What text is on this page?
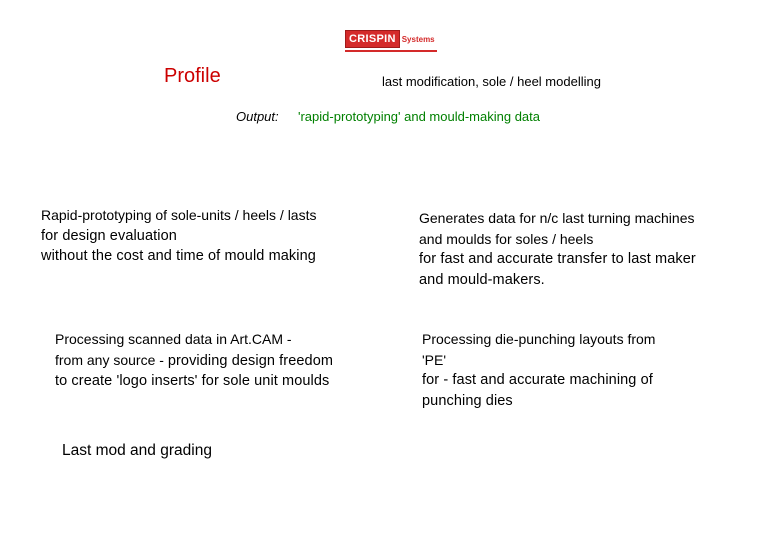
CRISPIN Systems
Profile	last modification, sole / heel modelling
Output: 'rapid-prototyping' and mould-making data
Rapid-prototyping of sole-units / heels / lasts
for design evaluation
without the cost and time of mould making
Generates data for n/c last turning machines
and moulds for soles / heels
for fast and accurate transfer to last maker
and mould-makers.
Processing scanned data in Art.CAM -
from any source - providing design freedom
to create 'logo inserts' for sole unit moulds
Processing die-punching layouts from
'PE'
for - fast and accurate machining of
punching dies
Last mod and grading
